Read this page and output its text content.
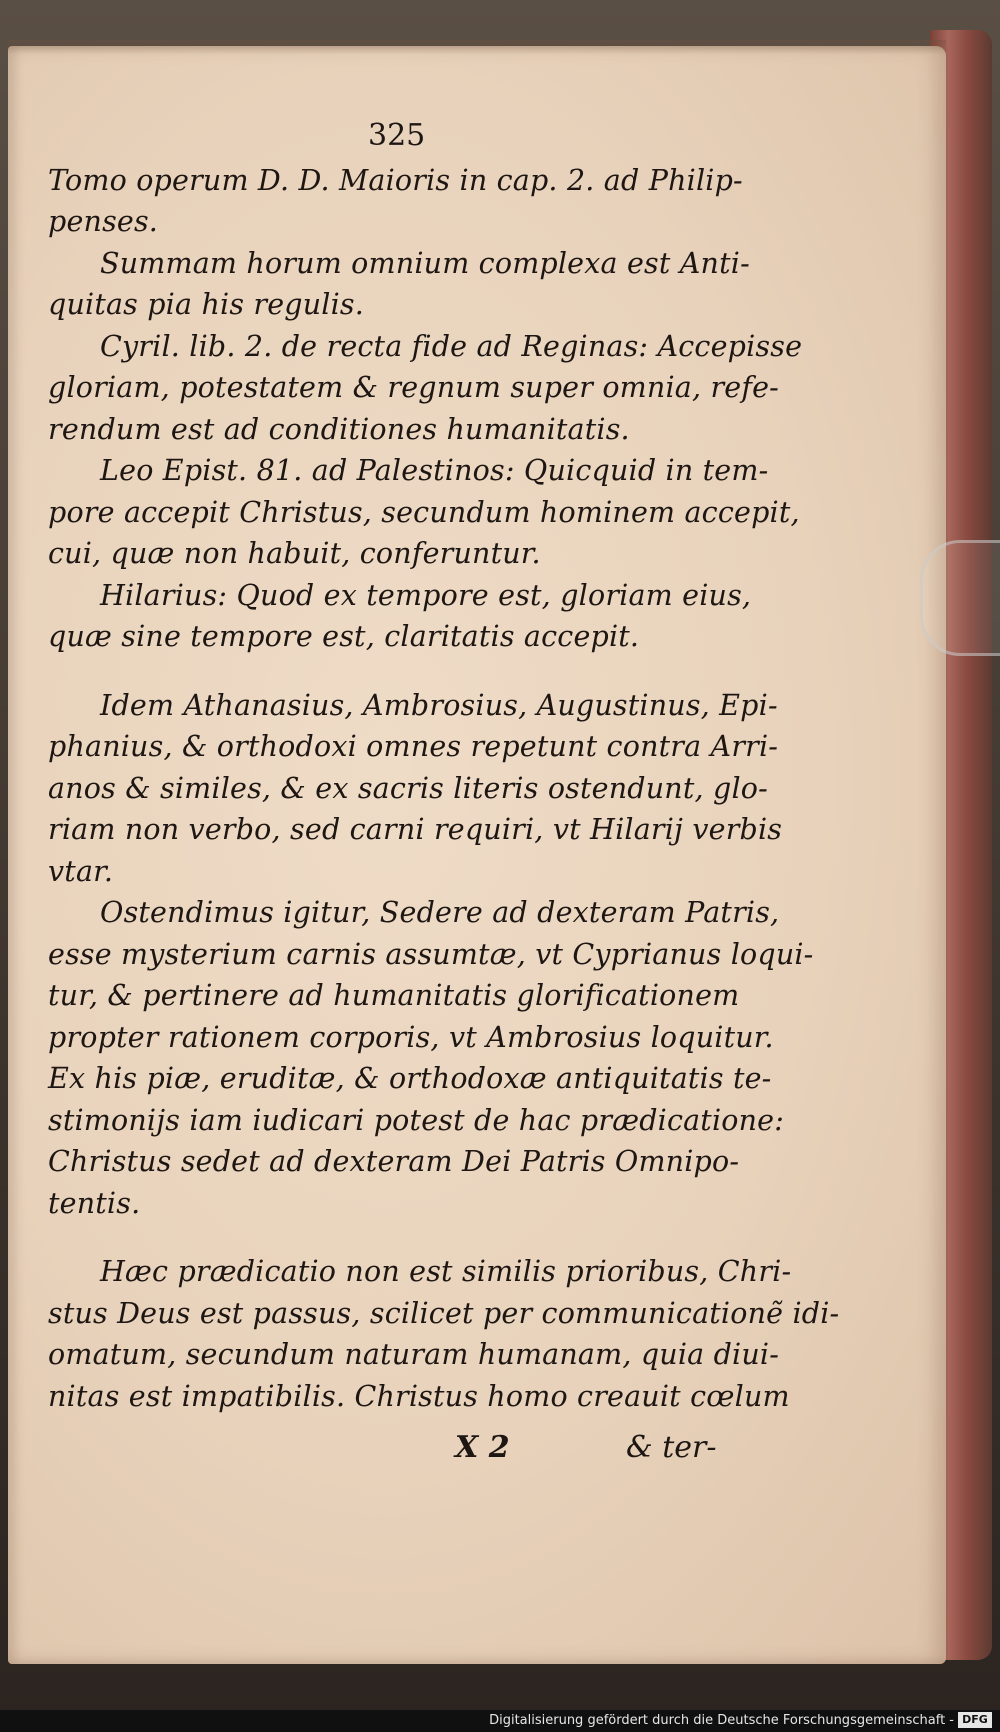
325
Tomo operum D. D. Maioris in cap. 2. ad Philip-
penses.
Summam horum omnium complexa est Anti-
quitas pia his regulis.
Cyril. lib. 2. de recta fide ad Reginas: Accepisse
gloriam, potestatem & regnum super omnia, refe-
rendum est ad conditiones humanitatis.
Leo Epist. 81. ad Palestinos: Quicquid in tem-
pore accepit Christus, secundum hominem accepit,
cui, quæ non habuit, conferuntur.
Hilarius: Quod ex tempore est, gloriam eius,
quæ sine tempore est, claritatis accepit.
Idem Athanasius, Ambrosius, Augustinus, Epi-
phanius, & orthodoxi omnes repetunt contra Arri-
anos & similes, & ex sacris literis ostendunt, glo-
riam non verbo, sed carni requiri, vt Hilarij verbis
vtar.
Ostendimus igitur, Sedere ad dexteram Patris,
esse mysterium carnis assumtæ, vt Cyprianus loqui-
tur, & pertinere ad humanitatis glorificationem
propter rationem corporis, vt Ambrosius loquitur.
Ex his piæ, eruditæ, & orthodoxæ antiquitatis te-
stimonijs iam iudicari potest de hac prædicatione:
Christus sedet ad dexteram Dei Patris Omnipo-
tentis.
Hæc prædicatio non est similis prioribus, Chri-
stus Deus est passus, scilicet per communicationẽ idi-
omatum, secundum naturam humanam, quia diui-
nitas est impatibilis. Christus homo creauit cœlum
X 2	& ter-
Digitalisierung gefördert durch die Deutsche Forschungsgemeinschaft - DFG
